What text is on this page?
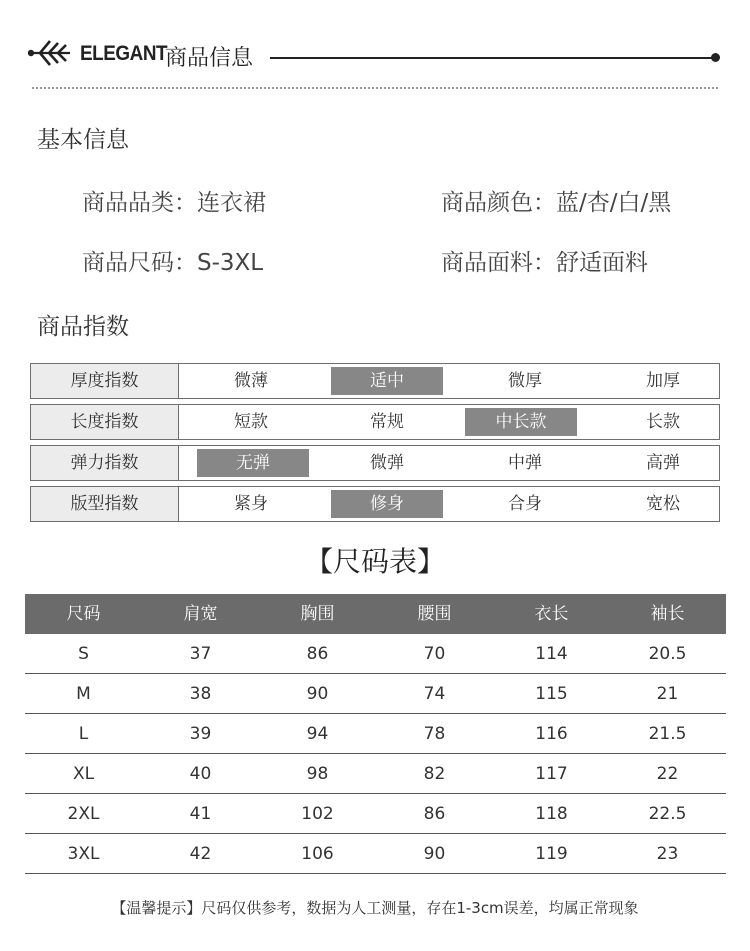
ELEGANT
商品信息
基本信息
商品品类：连衣裙	商品颜色：蓝/杏/白/黑
商品尺码：S-3XL	商品面料：舒适面料
商品指数
厚度指数	微薄	适中	微厚	加厚
长度指数	短款	常规	中长款	长款
弹力指数	无弹	微弹	中弹	高弹
版型指数	紧身	修身	合身	宽松
【尺码表】
尺码	肩宽	胸围	腰围	衣长	袖长
S	37	86	70	114	20.5
M	38	90	74	115	21
L	39	94	78	116	21.5
XL	40	98	82	117	22
2XL	41	102	86	118	22.5
3XL	42	106	90	119	23
【温馨提示】尺码仅供参考，数据为人工测量，存在1-3cm误差，均属正常现象
